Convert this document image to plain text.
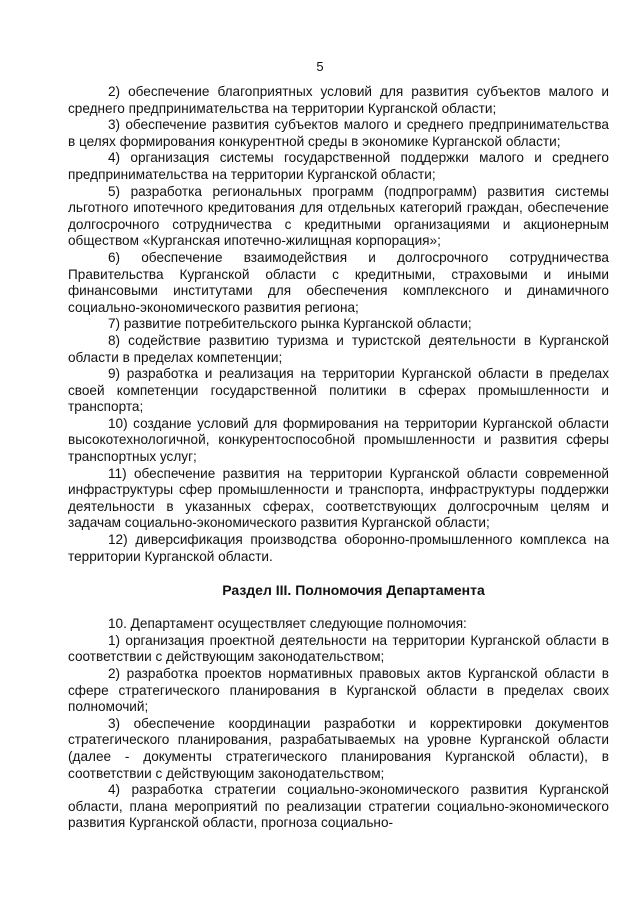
5

2) обеспечение благоприятных условий для развития субъектов малого и среднего предпринимательства на территории Курганской области;

3) обеспечение развития субъектов малого и среднего предпринимательства в целях формирования конкурентной среды в экономике Курганской области;

4) организация системы государственной поддержки малого и среднего предпринимательства на территории Курганской области;

5) разработка региональных программ (подпрограмм) развития системы льготного ипотечного кредитования для отдельных категорий граждан, обеспечение долгосрочного сотрудничества с кредитными организациями и акционерным обществом «Курганская ипотечно-жилищная корпорация»;

6) обеспечение взаимодействия и долгосрочного сотрудничества Правительства Курганской области с кредитными, страховыми и иными финансовыми институтами для обеспечения комплексного и динамичного социально-экономического развития региона;

7) развитие потребительского рынка Курганской области;

8) содействие развитию туризма и туристской деятельности в Курганской области в пределах компетенции;

9) разработка и реализация на территории Курганской области в пределах своей компетенции государственной политики в сферах промышленности и транспорта;

10) создание условий для формирования на территории Курганской области высокотехнологичной, конкурентоспособной промышленности и развития сферы транспортных услуг;

11) обеспечение развития на территории Курганской области современной инфраструктуры сфер промышленности и транспорта, инфраструктуры поддержки деятельности в указанных сферах, соответствующих долгосрочным целям и задачам социально-экономического развития Курганской области;

12) диверсификация производства оборонно-промышленного комплекса на территории Курганской области.

Раздел III. Полномочия Департамента

10. Департамент осуществляет следующие полномочия:

1) организация проектной деятельности на территории Курганской области в соответствии с действующим законодательством;

2) разработка проектов нормативных правовых актов Курганской области в сфере стратегического планирования в Курганской области в пределах своих полномочий;

3) обеспечение координации разработки и корректировки документов стратегического планирования, разрабатываемых на уровне Курганской области (далее - документы стратегического планирования Курганской области), в соответствии с действующим законодательством;

4) разработка стратегии социально-экономического развития Курганской области, плана мероприятий по реализации стратегии социально-экономического развития Курганской области, прогноза социально-
